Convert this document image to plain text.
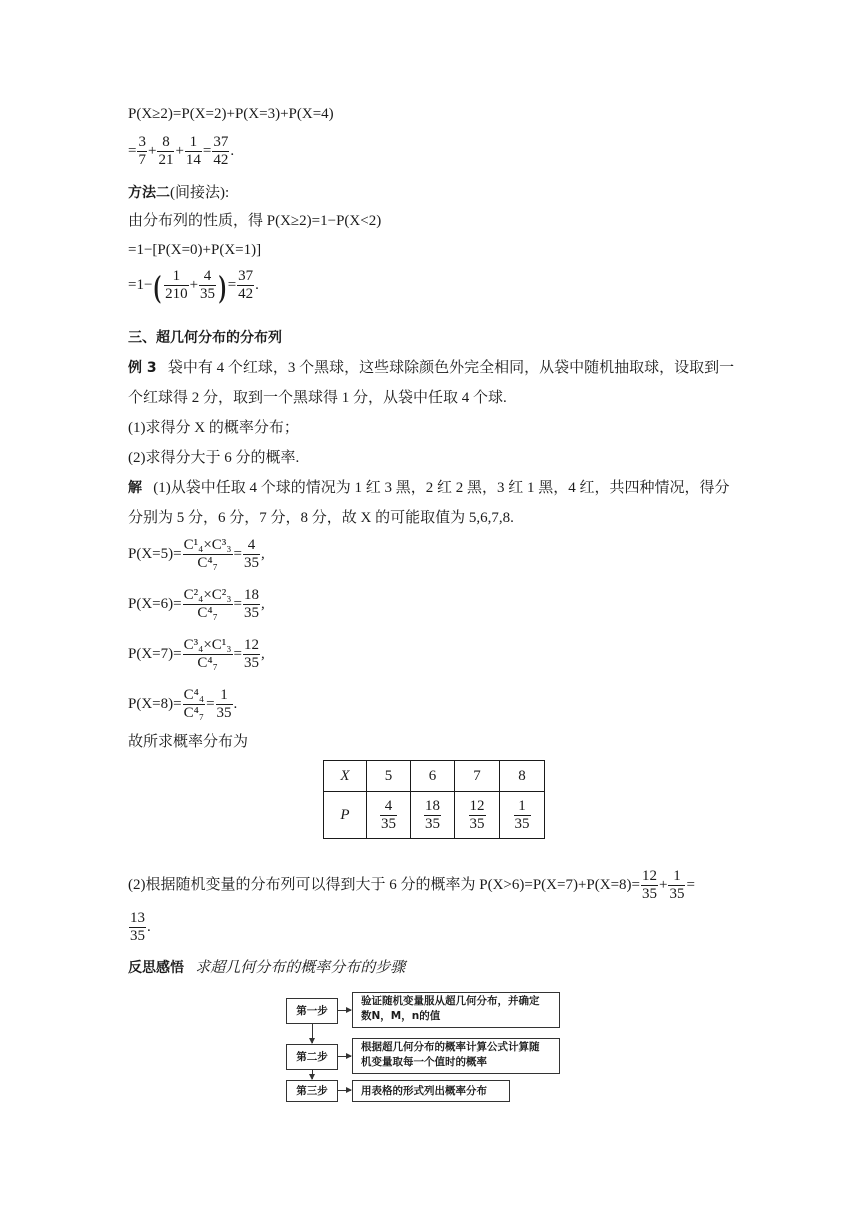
P(X≥2)=P(X=2)+P(X=3)+P(X=4)
= $\frac{3}{7} + \frac{8}{21} + \frac{1}{14} = \frac{37}{42}$ .
方法二(间接法):
由分布列的性质，得 P(X≥2)=1−P(X<2)
=1−[P(X=0)+P(X=1)]
$=1-( \frac{1}{210} + \frac{4}{35}$ ) = $\frac{37}{42}$ .
三、超几何分布的分布列
例 3 袋中有 4 个红球，3 个黑球，这些球除颜色外完全相同，从袋中随机抽取球，设取到一
个红球得 2 分，取到一个黑球得 1 分，从袋中任取 4 个球.
(1)求得分 X 的概率分布；
(2)求得分大于 6 分的概率.
解 (1)从袋中任取 4 个球的情况为 1 红 3 黑，2 红 2 黑，3 红 1 黑，4 红，共四种情况，得分
分别为 5 分，6 分，7 分，8 分，故 X 的可能取值为 5,6,7,8.
$P(X=5)= \frac{\text{C¹₄×C³₃}}{\text{C⁴₇}} = \frac{4}{35}$ ,
$P(X=6)= \frac{\text{C²₄×C²₃}}{\text{C⁴₇}} = \frac{18}{35}$ ,
$P(X=7)= \frac{\text{C³₄×C¹₃}}{\text{C⁴₇}} = \frac{12}{35}$ ,
$P(X=8)= \frac{\text{C⁴₄}}{\text{C⁴₇}} = \frac{1}{35}$ .
故所求概率分布为
X	5	6	7	8
P	$\frac{4}{35}$	$\frac{18}{35}$	$\frac{12}{35}$	$\frac{1}{35}$
(2)根据随机变量的分布列可以得到大于 6 分的概率为 $P(X>6)=P(X=7)+P(X=8)= \frac{12}{35} + \frac{1}{35}$ =
$\frac{13}{35}$ .
反思感悟 求超几何分布的概率分布的步骤
第一步
验证随机变量服从超几何分布，并确定
数N，M，n的值
第二步
根据超几何分布的概率计算公式计算随
机变量取每一个值时的概率
第三步	用表格的形式列出概率分布
